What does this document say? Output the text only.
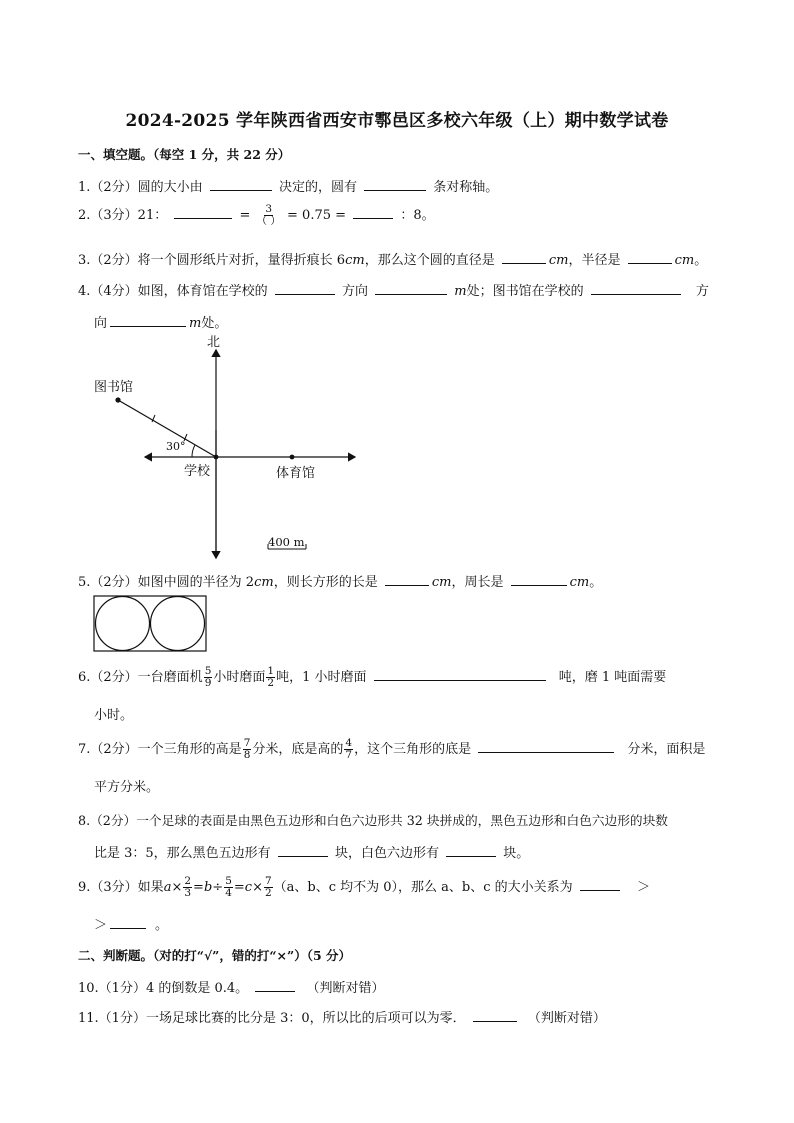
2024-2025 学年陕西省西安市鄠邑区多校六年级（上）期中数学试卷
一、填空题。（每空 1 分，共 22 分）
1.（2分）圆的大小由	决定的，圆有	条对称轴。
2.（3分）21：	= $\frac{3}{( )} = 0.75$ =	：8。
3.（2分）将一个圆形纸片对折，量得折痕长 6cm，那么这个圆的直径是	cm，半径是	cm。
4.（4分）如图，体育馆在学校的	方向	m处；图书馆在学校的	方
向	m处。
北
图书馆
30°
学校	体育馆
400 m
5.（2分）如图中圆的半径为 2cm，则长方形的长是	cm，周长是	cm。
6.（2分）一台磨面机 $\frac{5}{9}$ 小时磨面 $\frac{1}{2}$ 吨，1 小时磨面	吨，磨 1 吨面需要
小时。
7.（2分）一个三角形的高是 $\frac{7}{8}$ 分米，底是高的 $\frac{4}{7}$ ，这个三角形的底是	分米，面积是
平方分米。
8.（2分）一个足球的表面是由黑色五边形和白色六边形共 32 块拼成的，黑色五边形和白色六边形的块数
比是 3：5，那么黑色五边形有	块，白色六边形有	块。
9.（3分）如果$a\times \frac{2}{3} =b\div \frac{5}{4} =c\times \frac{7}{2} (a$、b、c 均不为 0），那么 a、b、c 的大小关系为	＞
＞	。
二、判断题。（对的打“√”，错的打“×”）（5 分）
10.（1分）4 的倒数是 0.4。	（判断对错）
11.（1分）一场足球比赛的比分是 3：0，所以比的后项可以为零．	（判断对错）
